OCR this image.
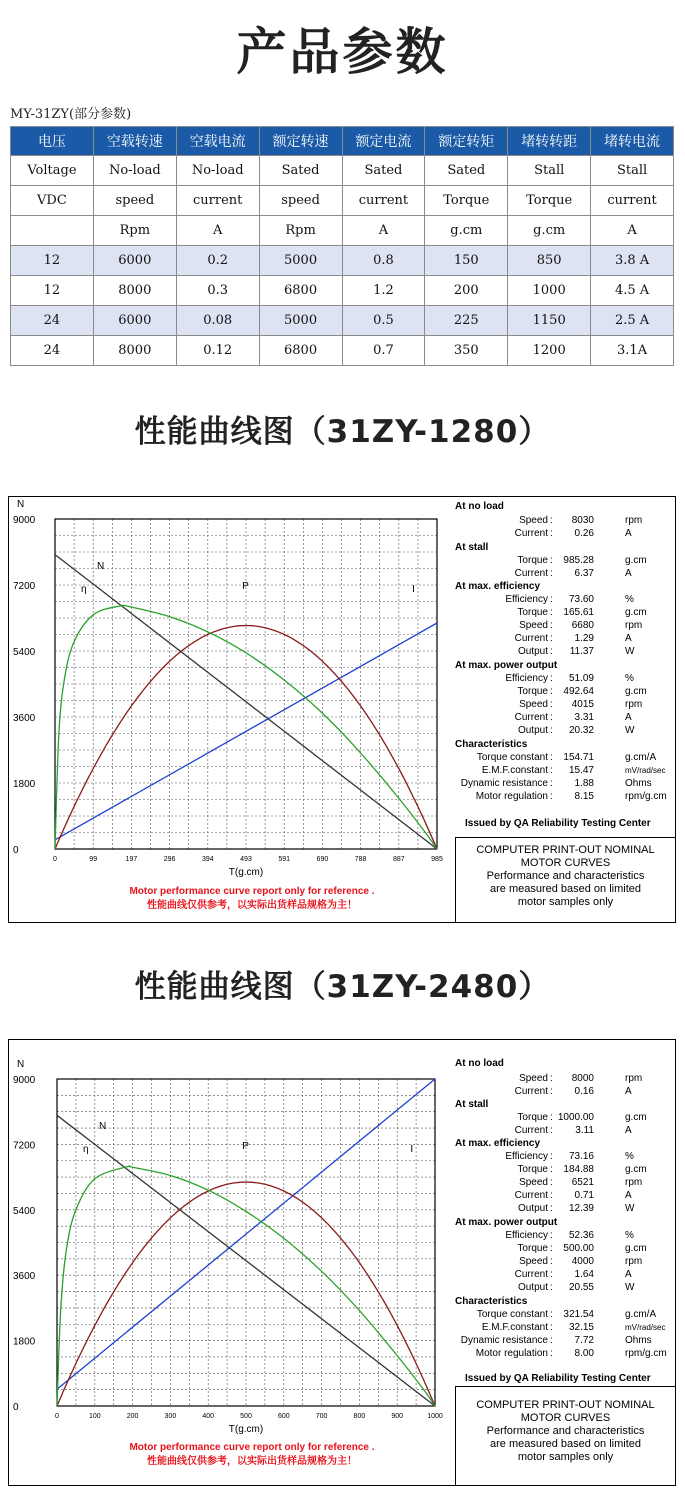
产品参数
MY-31ZY(部分参数)
电压	空载转速	空载电流	额定转速	额定电流	额定转矩	堵转转距	堵转电流
Voltage	No-load	No-load	Sated	Sated	Sated	Stall	Stall
VDC	speed	current	speed	current	Torque	Torque	current
	Rpm	A	Rpm	A	g.cm	g.cm	A
12	6000	0.2	5000	0.8	150	850	3.8 A
12	8000	0.3	6800	1.2	200	1000	4.5 A
24	6000	0.08	5000	0.5	225	1150	2.5 A
24	8000	0.12	6800	0.7	350	1200	3.1A
性能曲线图（31ZY-1280）
0
1800
3600
5400
7200
9000
0	99	197	296	394	493	591	690	788	887	985
N
T(g.cm)
N
η	P	I
Motor performance curve report only for reference .
性能曲线仅供参考，以实际出货样品规格为主！
At no load
Speed : 8030	rpm
Current : 0.26	A
At stall
Torque : 985.28	g.cm
Current : 6.37	A
At max. efficiency
Efficiency : 73.60	%
Torque : 165.61	g.cm
Speed : 6680	rpm
Current : 1.29	A
Output : 11.37	W
At max. power output
Efficiency : 51.09	%
Torque : 492.64	g.cm
Speed : 4015	rpm
Current : 3.31	A
Output : 20.32	W
Characteristics
Torque constant : 154.71	g.cm/A
E.M.F.constant : 15.47	mV/rad/sec
Dynamic resistance : 1.88	Ohms
Motor regulation : 8.15	rpm/g.cm
Issued by QA Reliability Testing Center
COMPUTER PRINT-OUT NOMINAL MOTOR CURVES
Performance and characteristics
are measured based on limited
motor samples only
性能曲线图（31ZY-2480）
0
1800
3600
5400
7200
9000
0	100	200	300	400	500	600	700	800	900	1000
N
T(g.cm)
N
η	P	I
Motor performance curve report only for reference .
性能曲线仅供参考，以实际出货样品规格为主！
At no load
Speed : 8000	rpm
Current : 0.16	A
At stall
Torque : 1000.00	g.cm
Current : 3.11	A
At max. efficiency
Efficiency : 73.16	%
Torque : 184.88	g.cm
Speed : 6521	rpm
Current : 0.71	A
Output : 12.39	W
At max. power output
Efficiency : 52.36	%
Torque : 500.00	g.cm
Speed : 4000	rpm
Current : 1.64	A
Output : 20.55	W
Characteristics
Torque constant : 321.54	g.cm/A
E.M.F.constant : 32.15	mV/rad/sec
Dynamic resistance : 7.72	Ohms
Motor regulation : 8.00	rpm/g.cm
Issued by QA Reliability Testing Center
COMPUTER PRINT-OUT NOMINAL MOTOR CURVES
Performance and characteristics
are measured based on limited
motor samples only
